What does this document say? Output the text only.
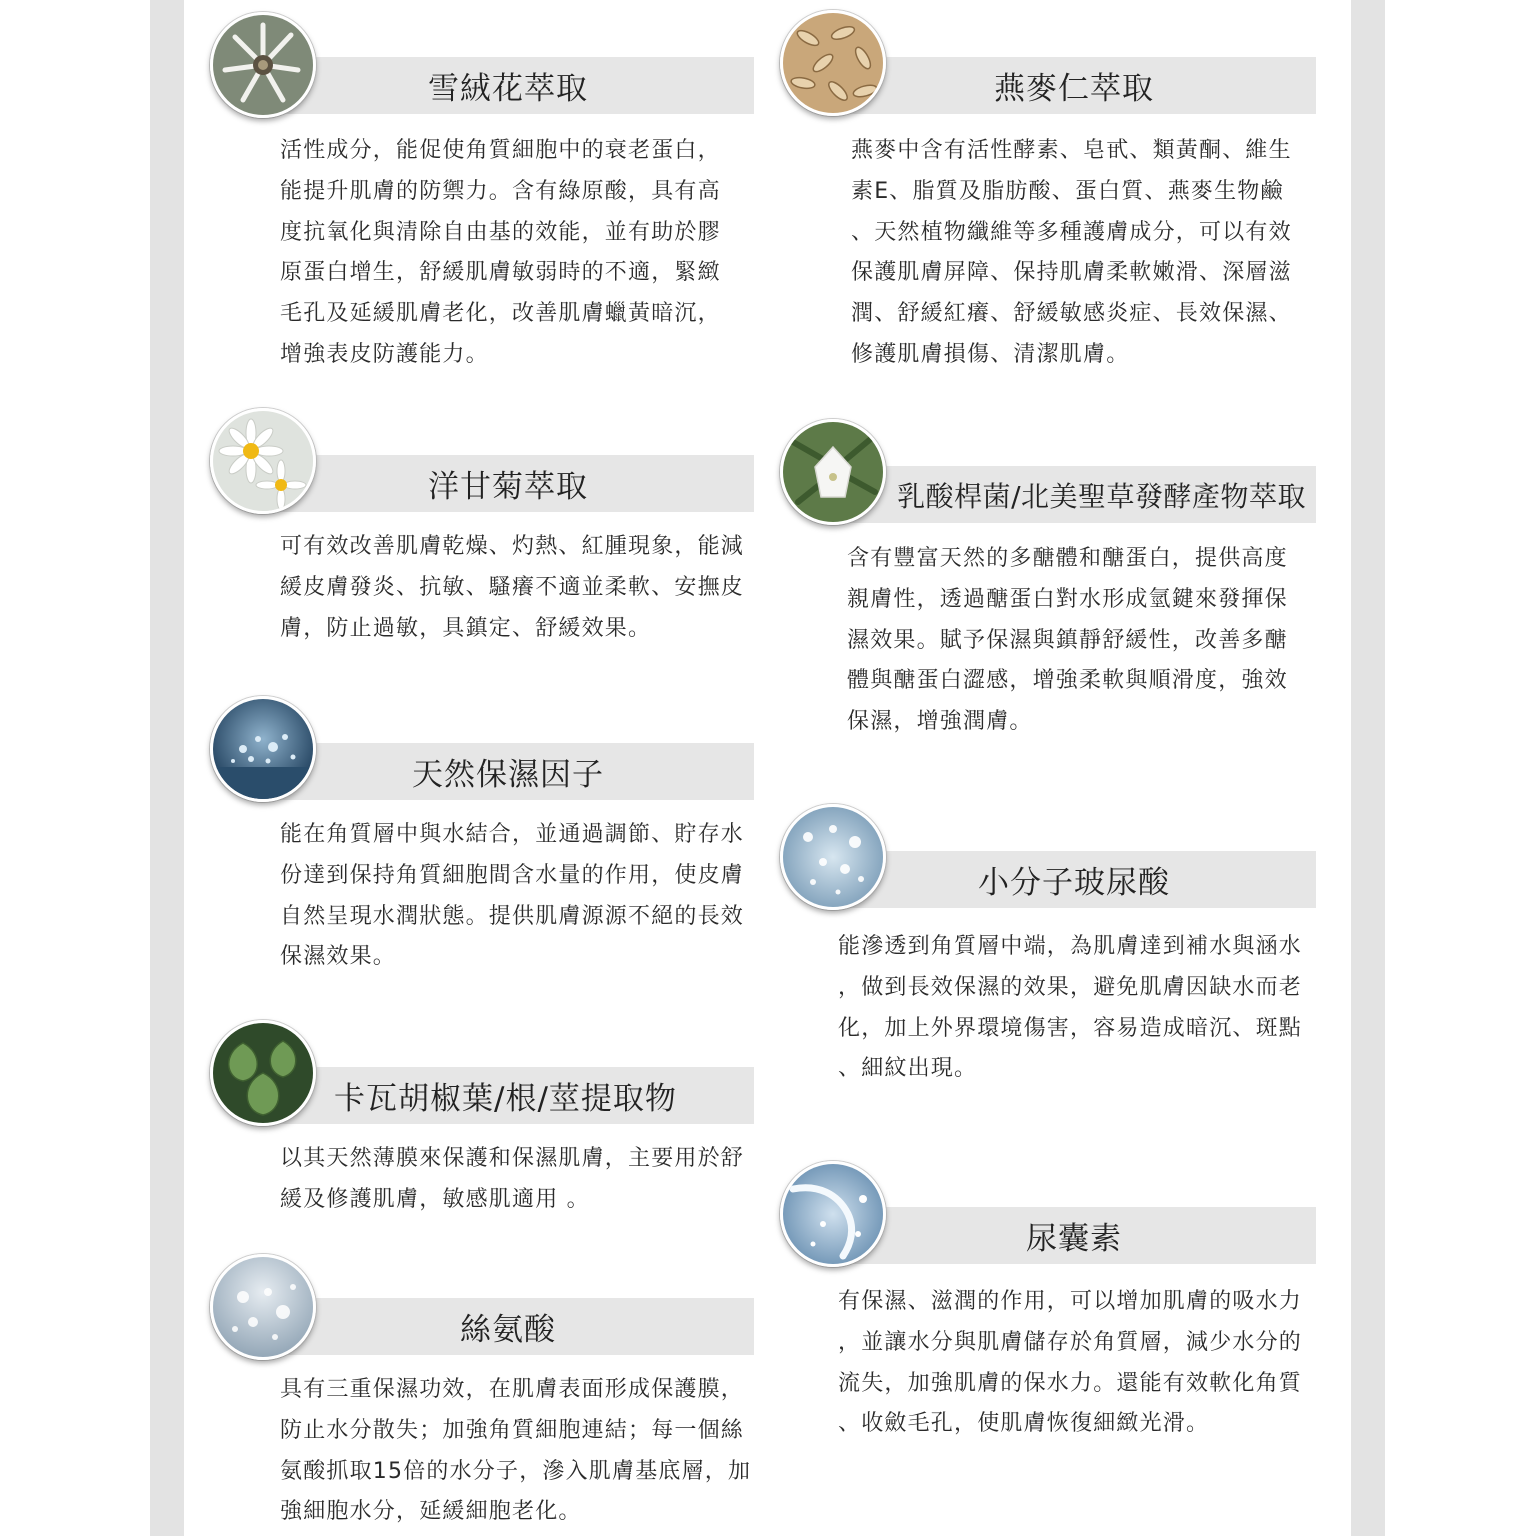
雪絨花萃取

活性成分，能促使角質細胞中的衰老蛋白，
能提升肌膚的防禦力。含有綠原酸，具有高
度抗氧化與清除自由基的效能，並有助於膠
原蛋白增生，舒緩肌膚敏弱時的不適，緊緻
毛孔及延緩肌膚老化，改善肌膚蠟黃暗沉，
增強表皮防護能力。

燕麥仁萃取

燕麥中含有活性酵素、皂甙、類黃酮、維生
素E、脂質及脂肪酸、蛋白質、燕麥生物鹼
、天然植物纖維等多種護膚成分，可以有效
保護肌膚屏障、保持肌膚柔軟嫩滑、深層滋
潤、舒緩紅癢、舒緩敏感炎症、長效保濕、
修護肌膚損傷、清潔肌膚。

洋甘菊萃取

可有效改善肌膚乾燥、灼熱、紅腫現象，能減
緩皮膚發炎、抗敏、騷癢不適並柔軟、安撫皮
膚，防止過敏，具鎮定、舒緩效果。

乳酸桿菌/北美聖草發酵產物萃取

含有豐富天然的多醣體和醣蛋白，提供高度
親膚性，透過醣蛋白對水形成氫鍵來發揮保
濕效果。賦予保濕與鎮靜舒緩性，改善多醣
體與醣蛋白澀感，增強柔軟與順滑度，強效
保濕，增強潤膚。

天然保濕因子

能在角質層中與水結合，並通過調節、貯存水
份達到保持角質細胞間含水量的作用，使皮膚
自然呈現水潤狀態。提供肌膚源源不絕的長效
保濕效果。

小分子玻尿酸

能滲透到角質層中端，為肌膚達到補水與涵水
，做到長效保濕的效果，避免肌膚因缺水而老
化，加上外界環境傷害，容易造成暗沉、斑點
、細紋出現。

卡瓦胡椒葉/根/莖提取物

以其天然薄膜來保護和保濕肌膚，主要用於舒
緩及修護肌膚，敏感肌適用 。

尿囊素

有保濕、滋潤的作用，可以增加肌膚的吸水力
，並讓水分與肌膚儲存於角質層，減少水分的
流失，加強肌膚的保水力。還能有效軟化角質
、收斂毛孔，使肌膚恢復細緻光滑。

絲氨酸

具有三重保濕功效，在肌膚表面形成保護膜，
防止水分散失；加強角質細胞連結；每一個絲
氨酸抓取15倍的水分子，滲入肌膚基底層，加
強細胞水分，延緩細胞老化。
